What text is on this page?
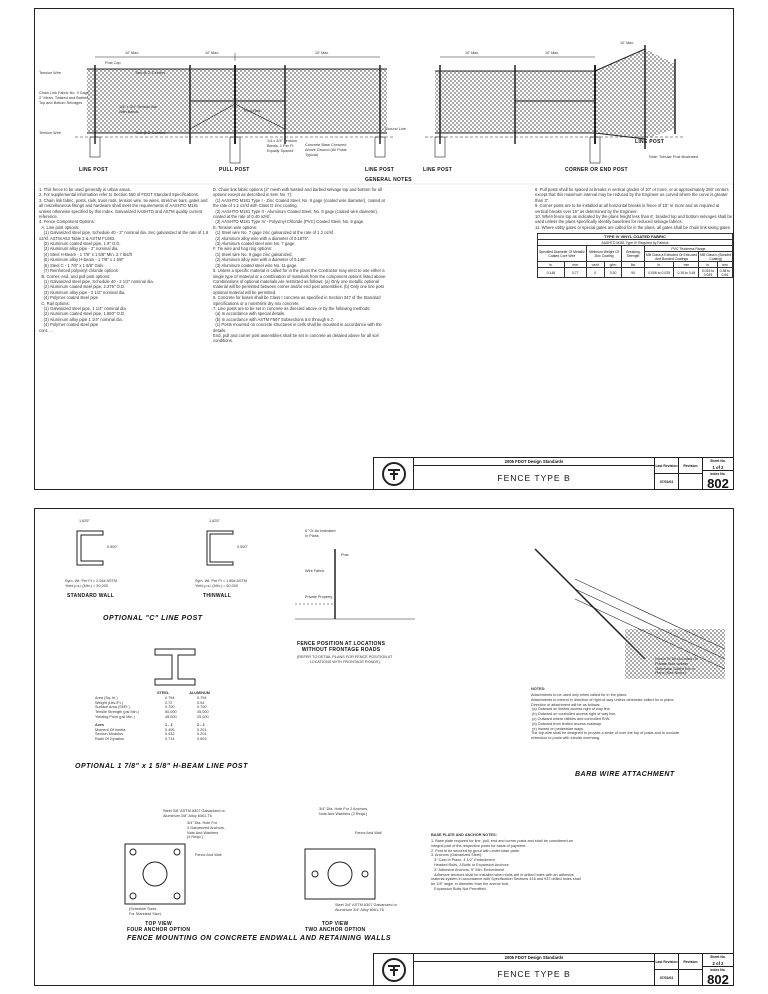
LINE POST	PULL POST	LINE POST	LINE POST	CORNER OR END POST
LINE POST
GENERAL NOTES
10' Max.	10' Max.	10' Max.	10' Max.	10' Max.
10' Max.
Post Cap
Tension Wire	Ties @ 2' Centers
Chain Link Fabric No. 9 Gage,
2" Mesh, Twisted and Barbed
Top and Bottom Selvages
1/4" x 3/4" Tension Bar
With Bands	Truss Rod
Tension Wire	Ties @ 2' Centers
1/4 x 3/4" Tension
Bands, 1 Per Ft
Equally Spaced
Concrete Base Crowned
Above Ground (All Posts
Typical)
Ground Line
Note: Tubular Post Illustrated
1. This fence to be used generally in urban areas.
2. For supplemental information refer to Section 550 of FDOT Standard Specifications.
3. Chain link fabric, posts, rails, truss rods, tension wire, tie wires, stretcher bars, gates and all miscellaneous fittings and hardware shall meet the requirements of AASHTO M181 unless otherwise specified by this Index. Galvanized AASHTO and ASTM quality current reference.
4. Fence Component Options:
A. Line post options:
(1) Galvanized steel pipe, Schedule 40 - 2" nominal dia. zinc galvanized at the rate of 1.8 oz/sf. ASTM A53 Table 2 & ASTM F1083.
(2) Aluminum coated steel pipe, 1.9" O.D.
(3) Aluminum alloy pipe - 2" nominal dia.
(4) Steel H-Beam - 1 7/8" x 1 5/8" Min. 2.7 lbs/ft
(5) Aluminum alloy H-beam - 1 7/8" x 1 5/8"
(6) Steel C - 1 7/8" x 1 5/8" Galv.
(7) Reinforced polyvinyl chloride options
B. Corner, end, and pull post options:
(1) Galvanized steel pipe, Schedule 40 - 2 1/2" nominal dia.
(2) Aluminum coated steel pipe, 2.375" O.D.
(3) Aluminum alloy pipe - 2 1/2" nominal dia.
(4) Polymer coated steel pipe
C. Rail options:
(1) Galvanized steel pipe, 1 1/4" nominal dia.
(2) Aluminum coated steel pipe, 1.660" O.D.
(3) Aluminum alloy pipe 1 1/4" nominal dia.
(4) Polymer coated steel pipe
cont. ...
D. Chain link fabric options (2" mesh with twisted and barbed selvage top and bottom for all options except as described in item No. 7):
(1) AASHTO M181 Type I - Zinc Coated Steel, No. 9 gage (coated wire diameter), coated at the rate of 1.2 oz/sf with Class D zinc coating.
(2) AASHTO M181 Type II - Aluminum Coated Steel, No. 9 gage (coated wire diameter), coated at the rate of 0.40 oz/sf.
(3) AASHTO M181 Type IV - Polyvinyl Chloride (PVC) Coated Steel, No. 9 gage.
E. Tension wire options:
(1) Steel wire No. 7 gage zinc galvanized at the rate of 1.2 oz/sf.
(2) Aluminum alloy wire with a diameter of 0.1875".
(3) Aluminum coated steel wire No. 7 gage.
F. Tie wire and hog ring options:
(1) Steel wire No. 9 gage zinc galvanized.
(2) Aluminum alloy wire with a diameter of 0.148".
(3) Aluminum coated steel wire No. 11 gage.
5. Unless a specific material is called for in the plans the Contractor may elect to use either a single type of material or a combination of materials from the component options listed above. Combinations of optional materials are restricted as follows: (a) Only one metallic optional material will be permitted between corner and/or end post assemblies. (b) Only one line post optional material will be permitted.
6. Concrete for bases shall be Class I concrete as specified in Section 347 of the Standard Specifications or a nonshrink dry mix concrete.
7. Line posts are to be set in concrete as directed above or by the following methods:
(a) In accordance with special details.
(b) In accordance with ASTM F567 Subsections 5.6 through 5.7.
(c) Posts mounted on concrete structures in cells shall be mounted in accordance with the details.
End, pull and corner post assemblies shall be set in concrete as detailed above for all soil conditions.
8. Pull posts shall be spaced at breaks in vertical grades of 10" or more, or at approximately 250' centers except that this maximum interval may be reduced by the Engineer as curved where the curve is greater than 3".
9. Corner posts are to be installed at all horizontal breaks in fence of 15" or more and as required at vertical breaks over 15" as determined by the Engineer.
10. When fence top as indicated by the plans height less than 6', braided top and bottom selvages shall be used unless the plans specifically identify baselines for reduced selvage fabrics.
11. Where utility gates or special gates are called for in the plans, all gates shall be chain link swing gates

TYPE IV VINYL COATED FABRIC								
AASHTO M181 Type IV Required by Fabrics								
Specified Diameter Of Metallic Coated Core Wire		Minimum Weight Of Zinc Coating		Breaking Strength	PVC Thickness Range			
					Mill Class a Extruded Or Extruded And Bonded Coatings		Mill Class b (Bonded Coating)	
in.	mm	oz/sf	g/m²	lbs	in.	mm	in.	mm
0.148	3.77	0	0.30	90	0.006 to 0.025	0.15 to 0.64	0.015 to 0.025	0.38 to 0.64
2005 FDOT Design Standards
FENCE TYPE B
Last Revision
07/01/04
Revision
Sheet No.
1 of 2
Index No.
802
1.625"
0.500"
1.625"
0.500"
Sym. Wt. Per Ft = 2.04# ASTM
Yield p.s.i (Min.) = 50,000
Sym. Wt. Per Ft = 1.85# ASTM
Yield p.s.i (Min.) = 50,000
STANDARD WALL	THINWALL
OPTIONAL "C" LINE POST
STEEL	ALUMINUM
Area (Sq. In.)	0.794	0.794
Weight (Lbs./Ft.)	2.72	0.94
Surface Area (Sf/Ft.)	0.700	0.700
Tensile Strength (psi Min.)	50,000	35,000
Yielding Point (psi Min.)	45,000	25,000
Axes	1 - 1	2 - 2
Moment Of Inertia	0.405	0.201
Section Modulus	0.432	0.201
Radii Of Gyration	0.714	0.503
OPTIONAL 1 7/8" x 1 5/8" H-BEAM LINE POST
6" Or As Indicated
In Plans
Post
Wire Fabric
Private Property
FENCE POSITION AT LOCATIONS
WITHOUT FRONTAGE ROADS
(REFER TO DETAIL PLANS FOR FENCE POSITION AT
LOCATIONS WITH FRONTAGE ROADS)
Fence To Be Mounted On
Private Side Unless
Otherwise Called For In
Plans (See Notes)
NOTES:
Attachments to be used only when called for in the plans.
Attachments to extend in direction of right-of-way unless otherwise called for in plans. Direction of attachment will be as follows:
(a) Outward on limited access right of way line.
(b) Outward on controlled access right of way line.
(c) Outward where utilities and controlled R/W.
(d) Outward from limited access roadway.
(e) Inward on pedestrian ways.
The top-wire shall be designed to provide a strike of over the top of posts and to exclude extension to posts with tubular overhang.
BARB WIRE ATTACHMENT
Steel 3/8" ASTM A307 Galvanized or
Aluminum 3/8" Alloy 6061-T6
3/4" Dia. Hole For
3 Galvanized Anchors,
Nuts And Washers
(4 Reqd.)
Fence And Wall
(Schedule Sizes
For Standard Size)
TOP VIEW
FOUR ANCHOR OPTION
3/4" Dia. Hole For 2 Anchors,
Nuts And Washers (2 Reqd.)
Fence And Wall
Steel 3/4" ASTM A307 Galvanized or
Aluminum 3/4" Alloy 6061-T6
TOP VIEW
TWO ANCHOR OPTION
BASE PLATE AND ANCHOR NOTES:
1. Base plate required for line, pull, end and corner posts and shall be considered an integral part of the respective posts for basis of payment.
2. Post to be secured by grout with under base plate.
3. Anchors (Galvanized Steel):
3" Cast In Place, 4 1/2" Embedment
Headed Bolts, J-Bolts or Expansion Anchors
3" Adhesive Anchors, 5" Min. Embedment
Adhesive anchors shall be installed when bolts are in drilled holes with an adhesive material system in accordance with Specification Sections 416 and 937 drilled holes shall be 1/8" larger in diameter than the anchor bolt.
Expansion Bolts Not Permitted.
FENCE MOUNTING ON CONCRETE ENDWALL AND RETAINING WALLS
2005 FDOT Design Standards
FENCE TYPE B
Last Revision
07/01/04
Revision
Sheet No.
2 of 2
Index No.
802
